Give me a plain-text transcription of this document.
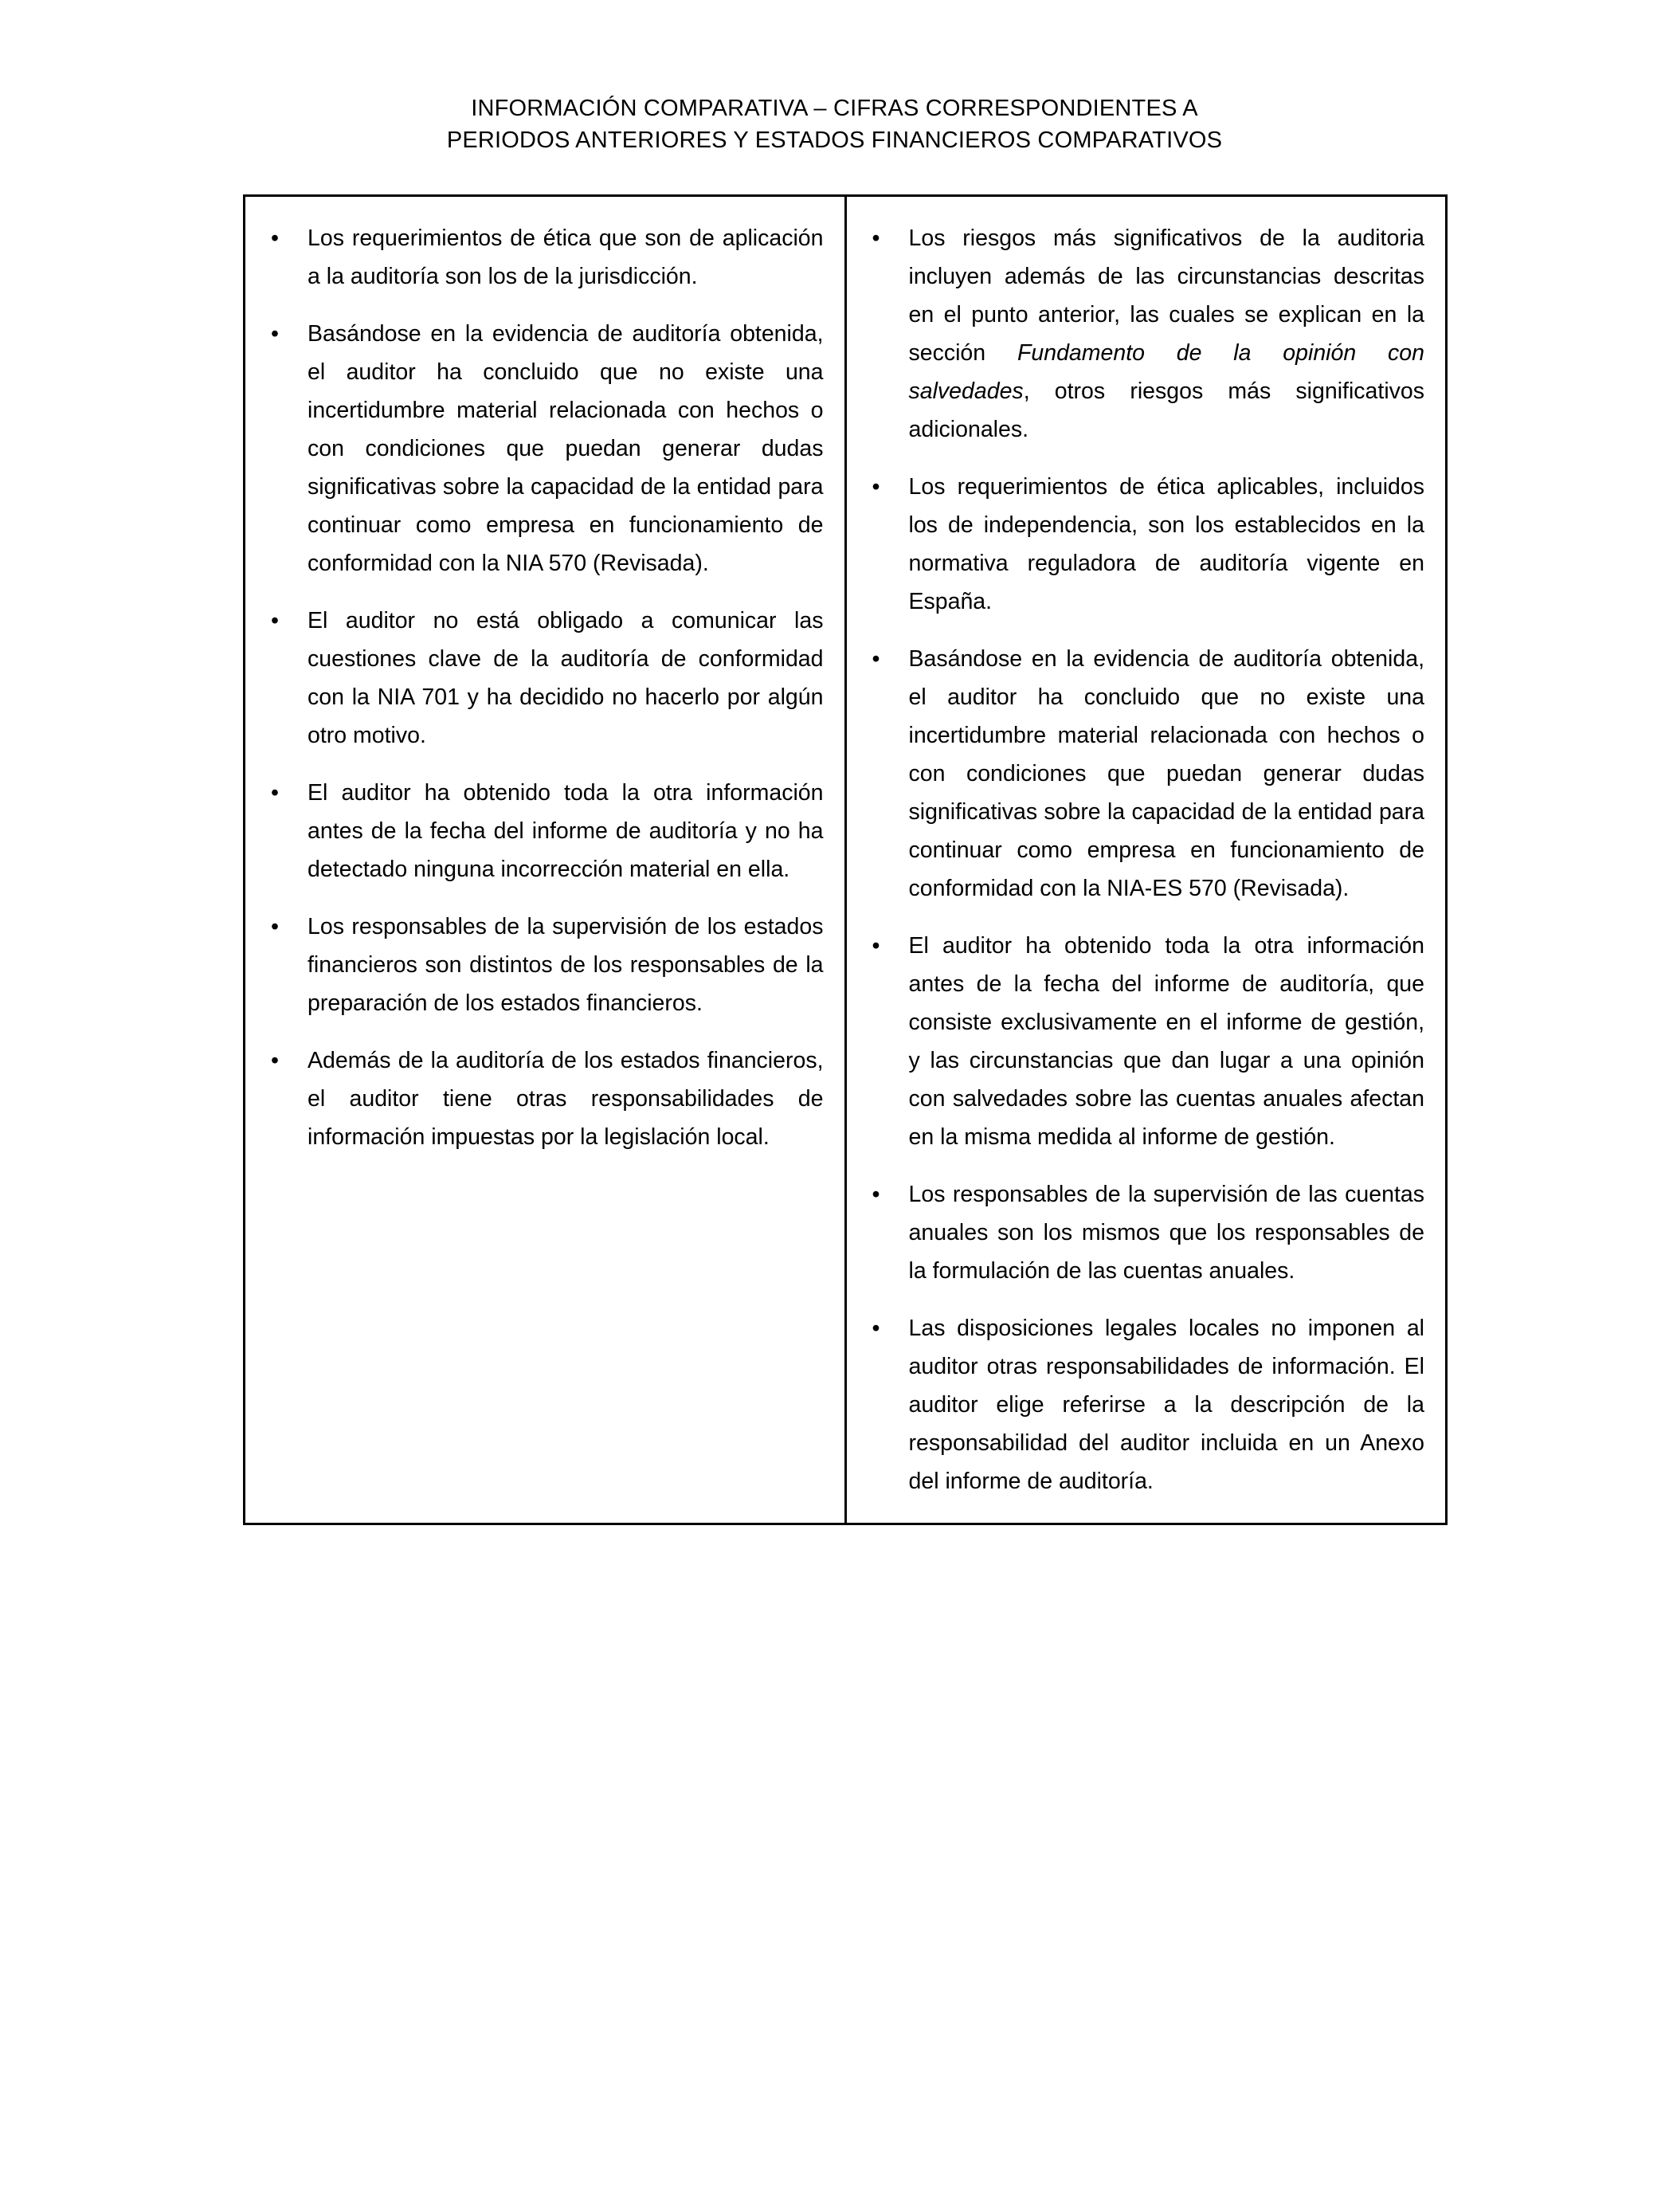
INFORMACIÓN COMPARATIVA – CIFRAS CORRESPONDIENTES A
PERIODOS ANTERIORES Y ESTADOS FINANCIEROS COMPARATIVOS
• Los requerimientos de ética que son de aplicación a la auditoría son los de la jurisdicción.
• Basándose en la evidencia de auditoría obtenida, el auditor ha concluido que no existe una incertidumbre material relacionada con hechos o con condiciones que puedan generar dudas significativas sobre la capacidad de la entidad para continuar como empresa en funcionamiento de conformidad con la NIA 570 (Revisada).
• El auditor no está obligado a comunicar las cuestiones clave de la auditoría de conformidad con la NIA 701 y ha decidido no hacerlo por algún otro motivo.
• El auditor ha obtenido toda la otra información antes de la fecha del informe de auditoría y no ha detectado ninguna incorrección material en ella.
• Los responsables de la supervisión de los estados financieros son distintos de los responsables de la preparación de los estados financieros.
• Además de la auditoría de los estados financieros, el auditor tiene otras responsabilidades de información impuestas por la legislación local.

• Los riesgos más significativos de la auditoria incluyen además de las circunstancias descritas en el punto anterior, las cuales se explican en la sección Fundamento de la opinión con salvedades, otros riesgos más significativos adicionales.
• Los requerimientos de ética aplicables, incluidos los de independencia, son los establecidos en la normativa reguladora de auditoría vigente en España.
• Basándose en la evidencia de auditoría obtenida, el auditor ha concluido que no existe una incertidumbre material relacionada con hechos o con condiciones que puedan generar dudas significativas sobre la capacidad de la entidad para continuar como empresa en funcionamiento de conformidad con la NIA-ES 570 (Revisada).
• El auditor ha obtenido toda la otra información antes de la fecha del informe de auditoría, que consiste exclusivamente en el informe de gestión, y las circunstancias que dan lugar a una opinión con salvedades sobre las cuentas anuales afectan en la misma medida al informe de gestión.
• Los responsables de la supervisión de las cuentas anuales son los mismos que los responsables de la formulación de las cuentas anuales.
• Las disposiciones legales locales no imponen al auditor otras responsabilidades de información. El auditor elige referirse a la descripción de la responsabilidad del auditor incluida en un Anexo del informe de auditoría.
